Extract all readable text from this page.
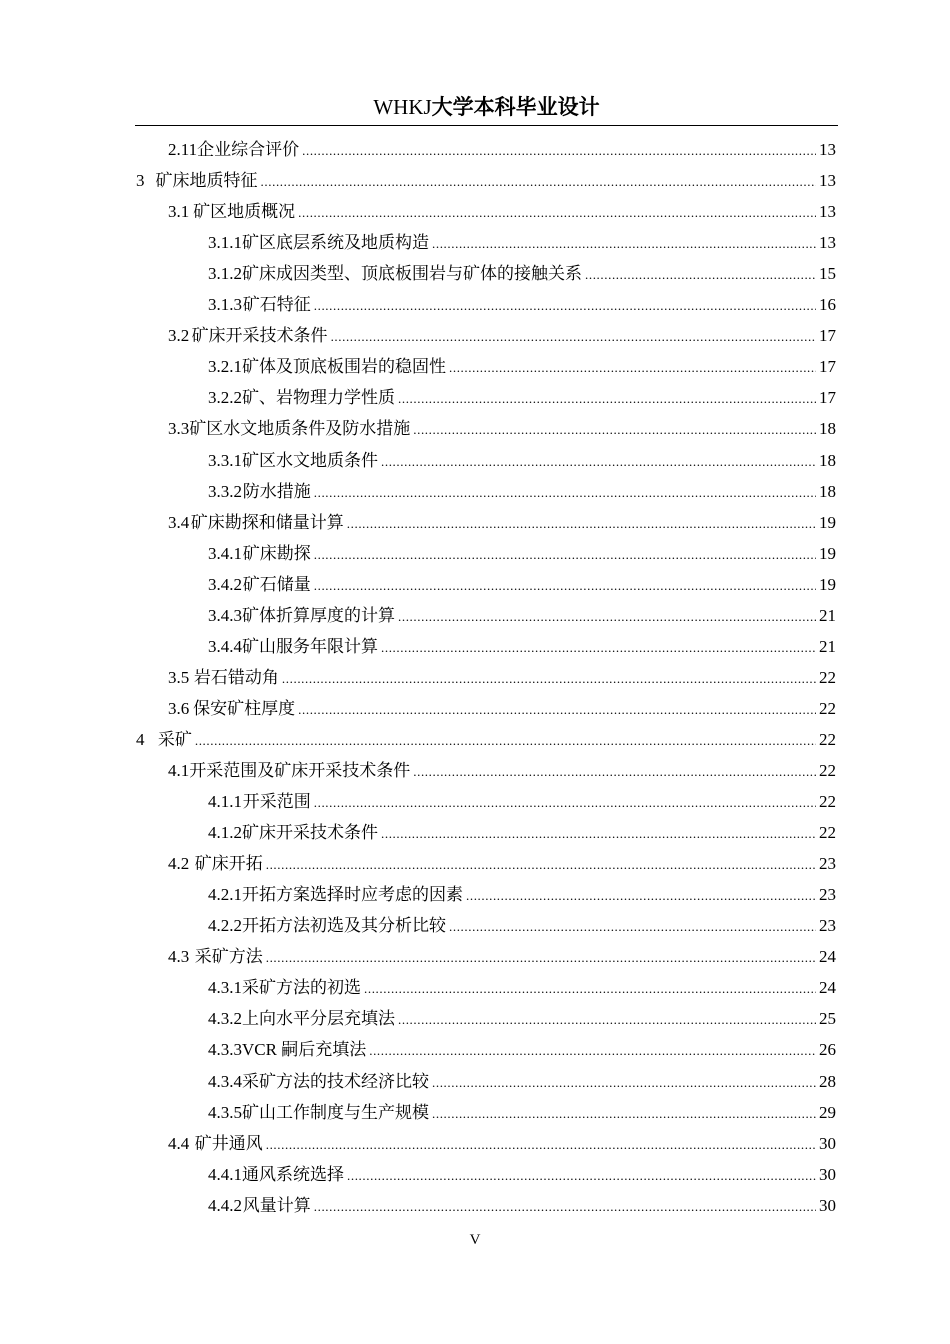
WHKJ大学本科毕业设计
2.11 企业综合评价 .....	13
3 矿床地质特征 .....	13
3.1 矿区地质概况 .....	13
3.1.1 矿区底层系统及地质构造 .....	13
3.1.2 矿床成因类型、顶底板围岩与矿体的接触关系 .....	15
3.1.3 矿石特征 .....	16
3.2 矿床开采技术条件 .....	17
3.2.1 矿体及顶底板围岩的稳固性 .....	17
3.2.2 矿、岩物理力学性质 .....	17
3.3 矿区水文地质条件及防水措施 .....	18
3.3.1 矿区水文地质条件 .....	18
3.3.2 防水措施 .....	18
3.4 矿床勘探和储量计算 .....	19
3.4.1 矿床勘探 .....	19
3.4.2 矿石储量 .....	19
3.4.3 矿体折算厚度的计算 .....	21
3.4.4 矿山服务年限计算 .....	21
3.5 岩石错动角 .....	22
3.6 保安矿柱厚度 .....	22
4 采矿 .....	22
4.1 开采范围及矿床开采技术条件 .....	22
4.1.1 开采范围 .....	22
4.1.2 矿床开采技术条件 .....	22
4.2 矿床开拓 .....	23
4.2.1 开拓方案选择时应考虑的因素 .....	23
4.2.2 开拓方法初选及其分析比较 .....	23
4.3 采矿方法 .....	24
4.3.1 采矿方法的初选 .....	24
4.3.2 上向水平分层充填法 .....	25
4.3.3 VCR 嗣后充填法 .....	26
4.3.4 采矿方法的技术经济比较 .....	28
4.3.5 矿山工作制度与生产规模 .....	29
4.4 矿井通风 .....	30
4.4.1 通风系统选择 .....	30
4.4.2 风量计算 .....	30
V
